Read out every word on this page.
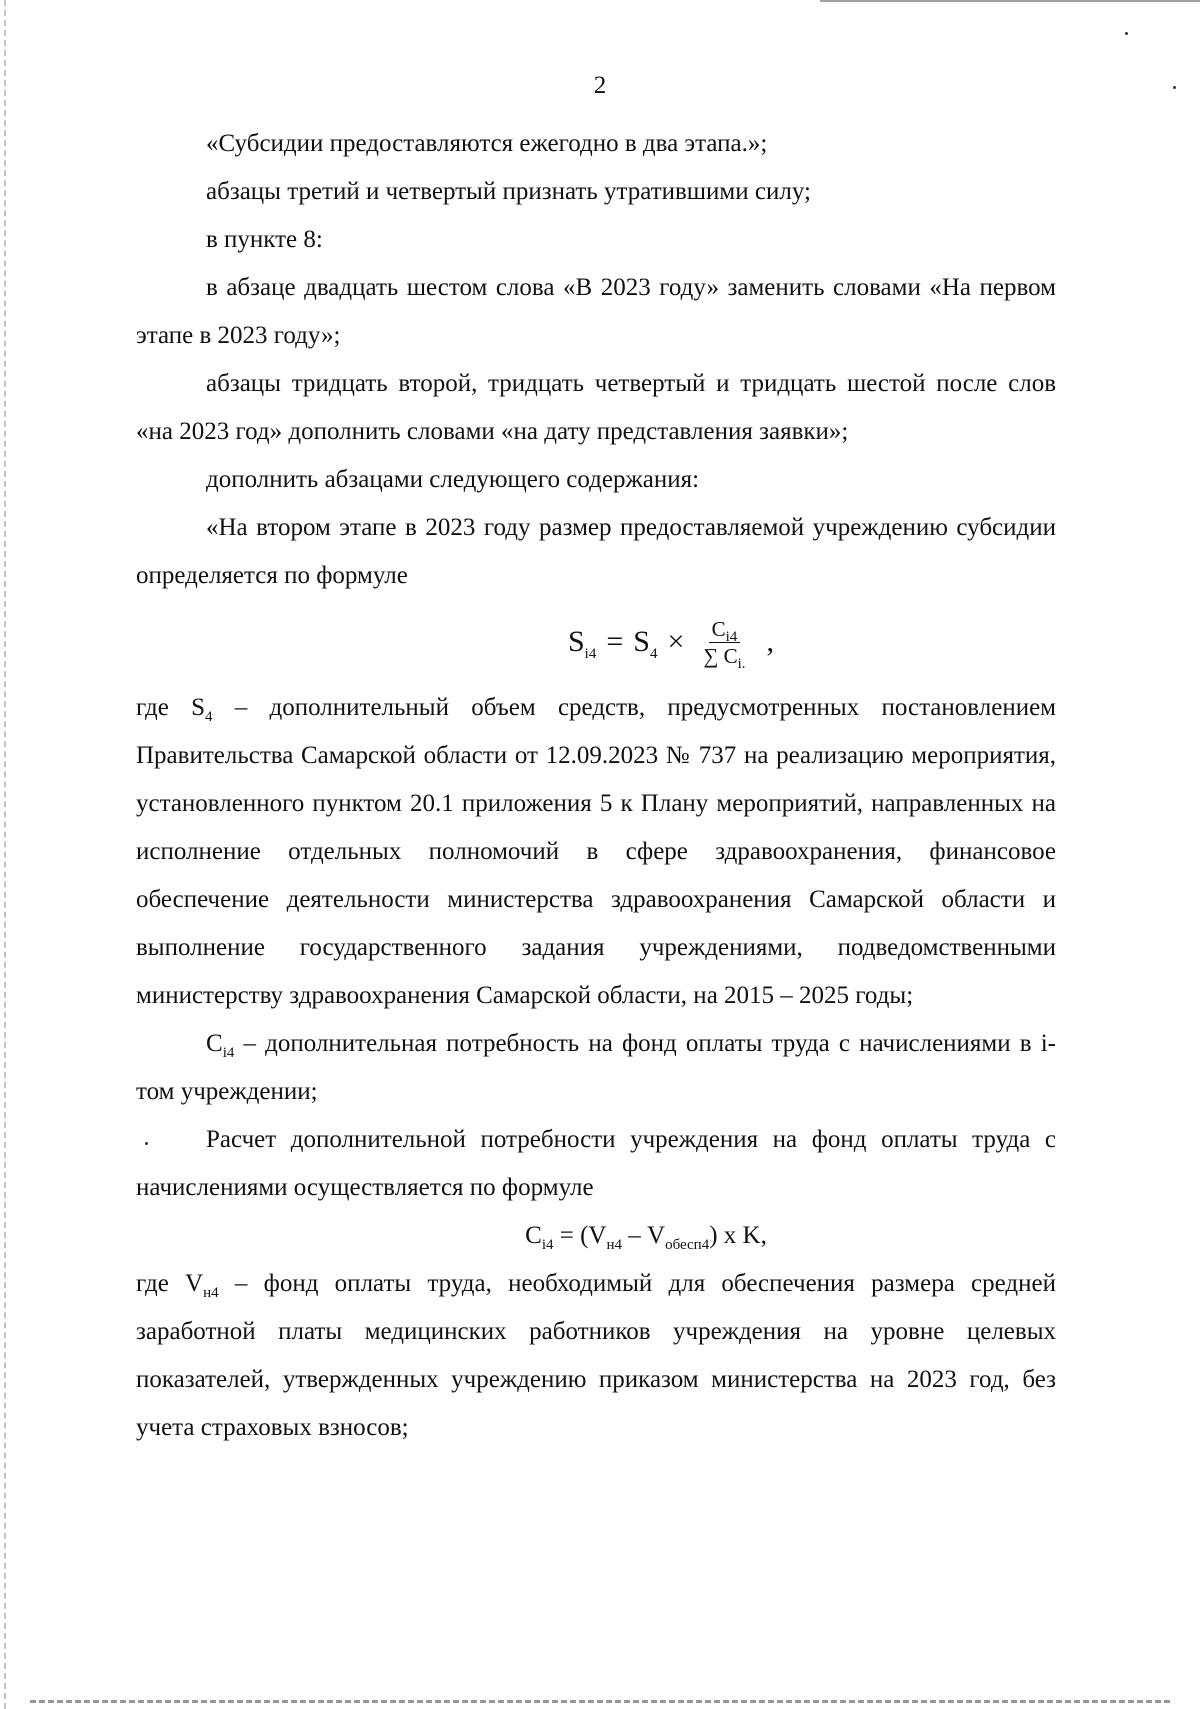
2

«Субсидии предоставляются ежегодно в два этапа.»;

абзацы третий и четвертый признать утратившими силу;

в пункте 8:

в абзаце двадцать шестом слова «В 2023 году» заменить словами «На первом этапе в 2023 году»;

абзацы тридцать второй, тридцать четвертый и тридцать шестой после слов «на 2023 год» дополнить словами «на дату представления заявки»;

дополнить абзацами следующего содержания:

«На втором этапе в 2023 году размер предоставляемой учреждению субсидии определяется по формуле

$S_{i4} = S_4 \times \frac{C_{i4}}{\sum C_{i.}}$ ,

где $S_4$ – дополнительный объем средств, предусмотренных постановлением Правительства Самарской области от 12.09.2023 № 737 на реализацию мероприятия, установленного пунктом 20.1 приложения 5 к Плану мероприятий, направленных на исполнение отдельных полномочий в сфере здравоохранения, финансовое обеспечение деятельности министерства здравоохранения Самарской области и выполнение государственного задания учреждениями, подведомственными министерству здравоохранения Самарской области, на 2015 – 2025 годы;

$C_{i4}$ – дополнительная потребность на фонд оплаты труда с начислениями в i-том учреждении;

Расчет дополнительной потребности учреждения на фонд оплаты труда с начислениями осуществляется по формуле

$C_{i4} = (V_{н4} - V_{обесп4})$ x K,

где $V_{н4}$ – фонд оплаты труда, необходимый для обеспечения размера средней заработной платы медицинских работников учреждения на уровне целевых показателей, утвержденных учреждению приказом министерства на 2023 год, без учета страховых взносов;
